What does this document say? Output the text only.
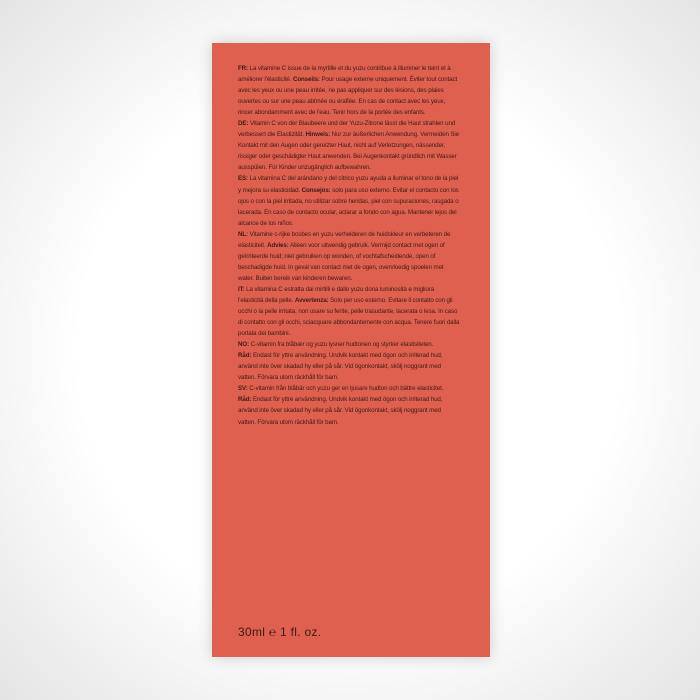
FR: La vitamine C issue de la myrtille et du yuzu contribue à illuminer le teint et à améliorer l'élasticité. Conseils: Pour usage externe uniquement. Éviter tout contact avec les yeux ou une peau irritée, ne pas appliquer sur des lésions, des plaies ouvertes ou sur une peau abîmée ou éraflée. En cas de contact avec les yeux, rincer abondamment avec de l'eau. Tenir hors de la portée des enfants.

DE: Vitamin C von der Blaubeere und der Yuzu-Zitrone lässt die Haut strahlen und verbessert die Elastizität. Hinweis: Nur zur äußerlichen Anwendung. Vermeiden Sie Kontakt mit den Augen oder gereizter Haut, nicht auf Verletzungen, nässender, rissiger oder geschädigter Haut anwenden. Bei Augenkontakt gründlich mit Wasser ausspülen. Für Kinder unzugänglich aufbewahren.

ES: La vitamina C del arándano y del cítrico yuzu ayuda a iluminar el tono de la piel y mejora su elasticidad. Consejos: solo para uso externo. Evitar el contacto con los ojos o con la piel irritada, no utilizar sobre heridas, piel con supuraciones, rasgada o lacerada. En caso de contacto ocular, aclarar a fondo con agua. Mantener lejos del alcance de los niños.

NL: Vitamine c-rijke bosbes en yuzu verhelderen de huidskleur en verbeteren de elasticiteit. Advies: Alleen voor uitwendig gebruik. Vermijd contact met ogen of geïrriteerde huid; niet gebruiken op wonden, of vochtafscheidende, open of beschadigde huid. In geval van contact met de ogen, overvloedig spoelen met water. Buiten bereik van kinderen bewaren.

IT: La vitamina C estratta dai mirtilli e dallo yuzu dona luminosità e migliora l'elasticità della pelle. Avvertenza: Solo per uso esterno. Evitare il contatto con gli occhi o la pelle irritata, non usare su ferite, pelle trasudante, lacerata o lesa. In caso di contatto con gli occhi, sciacquare abbondantemente con acqua. Tenere fuori dalla portata dei bambini.

NO: C-vitamin fra blåbær og yuzu lysner hudtonen og styrker elastisiteten.
Råd: Endast för yttre användning. Undvik kontakt med ögon och irriterad hud, använd inte över skadad hy eller på sår. Vid ögonkontakt, skölj noggrant med vatten. Förvara utom räckhåll för barn.

SV: C-vitamin från blåbär och yuzu ger en ljusare hudton och bättre elasticitet.
Råd: Endast för yttre användning. Undvik kontakt med ögon och irriterad hud, använd inte över skadad hy eller på sår. Vid ögonkontakt, skölj noggrant med vatten. Förvara utom räckhåll för barn.

30ml ℮ 1 fl. oz.
